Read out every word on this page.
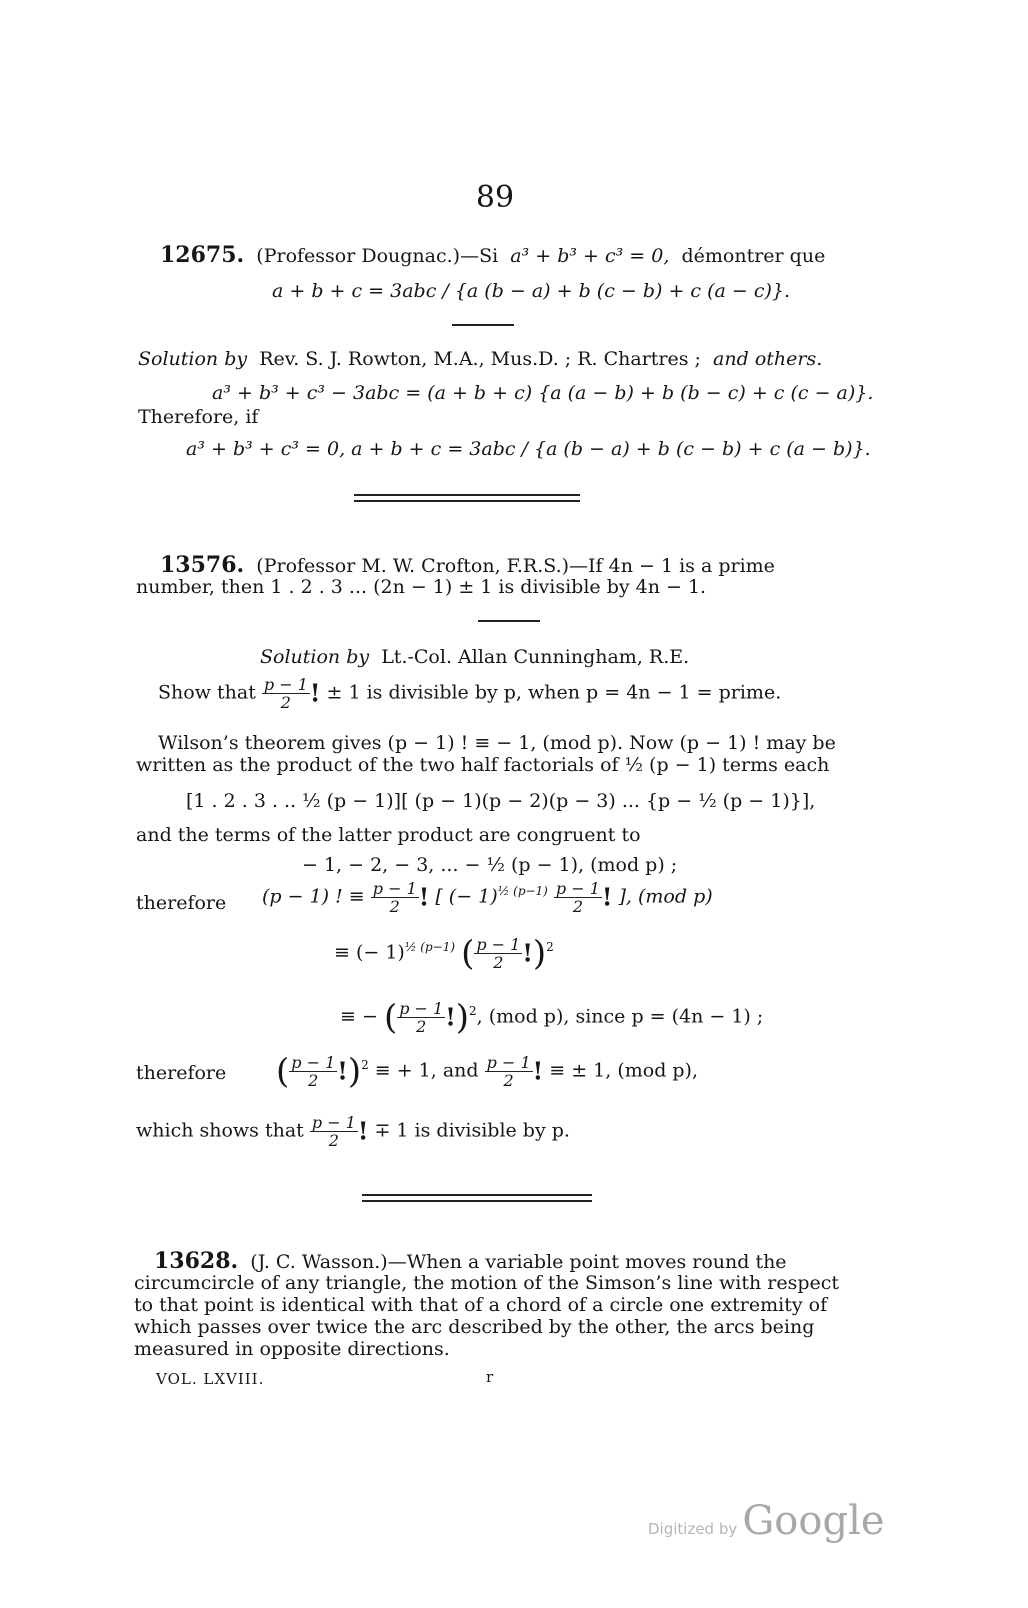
89
12675. (Professor Dougnac.)—Si a³ + b³ + c³ = 0, démontrer que
a + b + c = 3abc / {a (b − a) + b (c − b) + c (a − c)}.
Solution by Rev. S. J. Rowton, M.A., Mus.D. ; R. Chartres ; and others.
a³ + b³ + c³ − 3abc = (a + b + c) {a (a − b) + b (b − c) + c (c − a)}.
Therefore, if
a³ + b³ + c³ = 0, a + b + c = 3abc / {a (b − a) + b (c − b) + c (a − b)}.
13576. (Professor M. W. Crofton, F.R.S.)—If 4n − 1 is a prime
number, then 1 . 2 . 3 ... (2n − 1) ± 1 is divisible by 4n − 1.
Solution by Lt.-Col. Allan Cunningham, R.E.
Show that $\frac{p - 1}{2}$ ! ± 1 is divisible by p, when p = 4n − 1 = prime.
Wilson’s theorem gives (p − 1) ! ≡ − 1, (mod p). Now (p − 1) ! may be
written as the product of the two half factorials of ½ (p − 1) terms each
[1 . 2 . 3 . .. ½ (p − 1)][ (p − 1)(p − 2)(p − 3) ... {p − ½ (p − 1)}],
and the terms of the latter product are congruent to
− 1, − 2, − 3, ... − ½ (p − 1), (mod p) ;
therefore (p − 1) ! ≡ $\frac{p - 1}{2}$ ! [ (− $1)^{\frac{1}{2} (p-1)} \frac{p - 1}{2}$ ! ], (mod p)
≡ (− 1)$^{\frac{1}{2} (p-1)}$ ( $\frac{p - 1}{2} !)^2$
≡ − ( $\frac{p - 1}{2} !)^2$, (mod p), since p = (4n − 1) ;
therefore ( $\frac{p - 1}{2} !)^2$ ≡ + 1, and $\frac{p - 1}{2}$ ! ≡ ± 1, (mod p),
which shows that $\frac{p - 1}{2}$ ! ∓ 1 is divisible by p.
13628. (J. C. Wasson.)—When a variable point moves round the
circumcircle of any triangle, the motion of the Simson’s line with respect
to that point is identical with that of a chord of a circle one extremity of
which passes over twice the arc described by the other, the arcs being
measured in opposite directions.
VOL. LXVIII.	r
Digitized by Google
